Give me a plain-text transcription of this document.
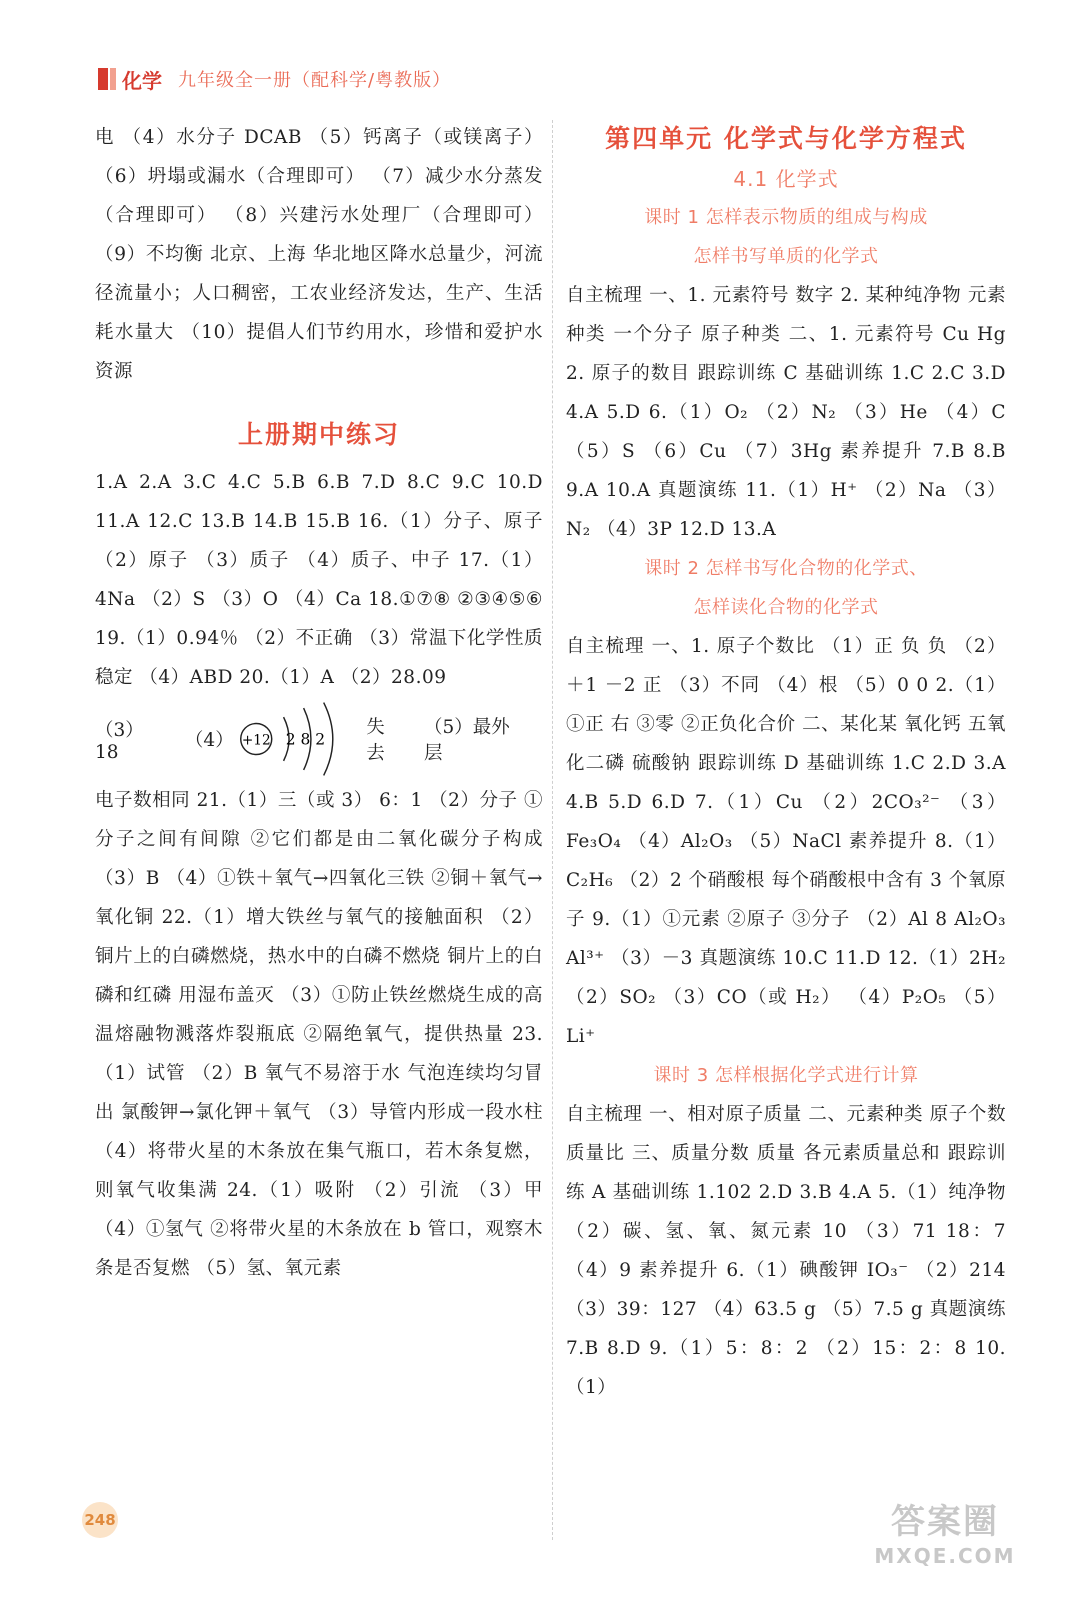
化学 九年级全一册（配科学/粤教版）

电 （4）水分子 DCAB （5）钙离子（或镁离子） （6）坍塌或漏水（合理即可） （7）减少水分蒸发（合理即可） （8）兴建污水处理厂（合理即可） （9）不均衡 北京、上海 华北地区降水总量少，河流径流量小；人口稠密，工农业经济发达，生产、生活耗水量大 （10）提倡人们节约用水，珍惜和爱护水资源

上册期中练习

1.A 2.A 3.C 4.C 5.B 6.B 7.D 8.C 9.C 10.D 11.A 12.C 13.B 14.B 15.B 16.（1）分子、原子 （2）原子 （3）质子 （4）质子、中子 17.（1）4Na （2）S （3）O （4）Ca 18.①⑦⑧ ②③④⑤⑥ 19.（1）0.94％ （2）不正确 （3）常温下化学性质稳定 （4）ABD 20.（1）A （2）28.09

（3）18
（4） +12 2 8 2
失去
（5）最外层

电子数相同 21.（1）三（或 3） 6：1 （2）分子 ①分子之间有间隙 ②它们都是由二氧化碳分子构成 （3）B （4）①铁＋氧气→四氧化三铁 ②铜＋氧气→氧化铜 22.（1）增大铁丝与氧气的接触面积 （2）铜片上的白磷燃烧，热水中的白磷不燃烧 铜片上的白磷和红磷 用湿布盖灭 （3）①防止铁丝燃烧生成的高温熔融物溅落炸裂瓶底 ②隔绝氧气，提供热量 23.（1）试管 （2）B 氧气不易溶于水 气泡连续均匀冒出 氯酸钾→氯化钾＋氧气 （3）导管内形成一段水柱 （4）将带火星的木条放在集气瓶口，若木条复燃，则氧气收集满 24.（1）吸附 （2）引流 （3）甲 （4）①氢气 ②将带火星的木条放在 b 管口，观察木条是否复燃 （5）氢、氧元素

第四单元 化学式与化学方程式
4.1 化学式
课时 1 怎样表示物质的组成与构成
怎样书写单质的化学式

自主梳理 一、1. 元素符号 数字 2. 某种纯净物 元素种类 一个分子 原子种类 二、1. 元素符号 Cu Hg 2. 原子的数目 跟踪训练 C 基础训练 1.C 2.C 3.D 4.A 5.D 6.（1）O₂ （2）N₂ （3）He （4）C （5）S （6）Cu （7）3Hg 素养提升 7.B 8.B 9.A 10.A 真题演练 11.（1）H⁺ （2）Na （3）N₂ （4）3P 12.D 13.A

课时 2 怎样书写化合物的化学式、
怎样读化合物的化学式

自主梳理 一、1. 原子个数比 （1）正 负 负 （2）＋1 －2 正 （3）不同 （4）根 （5）0 0 2.（1）①正 右 ③零 ②正负化合价 二、某化某 氧化钙 五氧化二磷 硫酸钠 跟踪训练 D 基础训练 1.C 2.D 3.A 4.B 5.D 6.D 7.（1）Cu （2）2CO₃²⁻ （3）Fe₃O₄ （4）Al₂O₃ （5）NaCl 素养提升 8.（1）C₂H₆ （2）2 个硝酸根 每个硝酸根中含有 3 个氧原子 9.（1）①元素 ②原子 ③分子 （2）Al 8 Al₂O₃ Al³⁺ （3）－3 真题演练 10.C 11.D 12.（1）2H₂ （2）SO₂ （3）CO（或 H₂） （4）P₂O₅ （5）Li⁺

课时 3 怎样根据化学式进行计算

自主梳理 一、相对原子质量 二、元素种类 原子个数 质量比 三、质量分数 质量 各元素质量总和 跟踪训练 A 基础训练 1.102 2.D 3.B 4.A 5.（1）纯净物 （2）碳、氢、氧、氮元素 10 （3）71 18：7 （4）9 素养提升 6.（1）碘酸钾 IO₃⁻ （2）214 （3）39：127 （4）63.5 g （5）7.5 g 真题演练 7.B 8.D 9.（1）5：8：2 （2）15：2：8 10.（1）

248	答案圈
MXQE.COM
